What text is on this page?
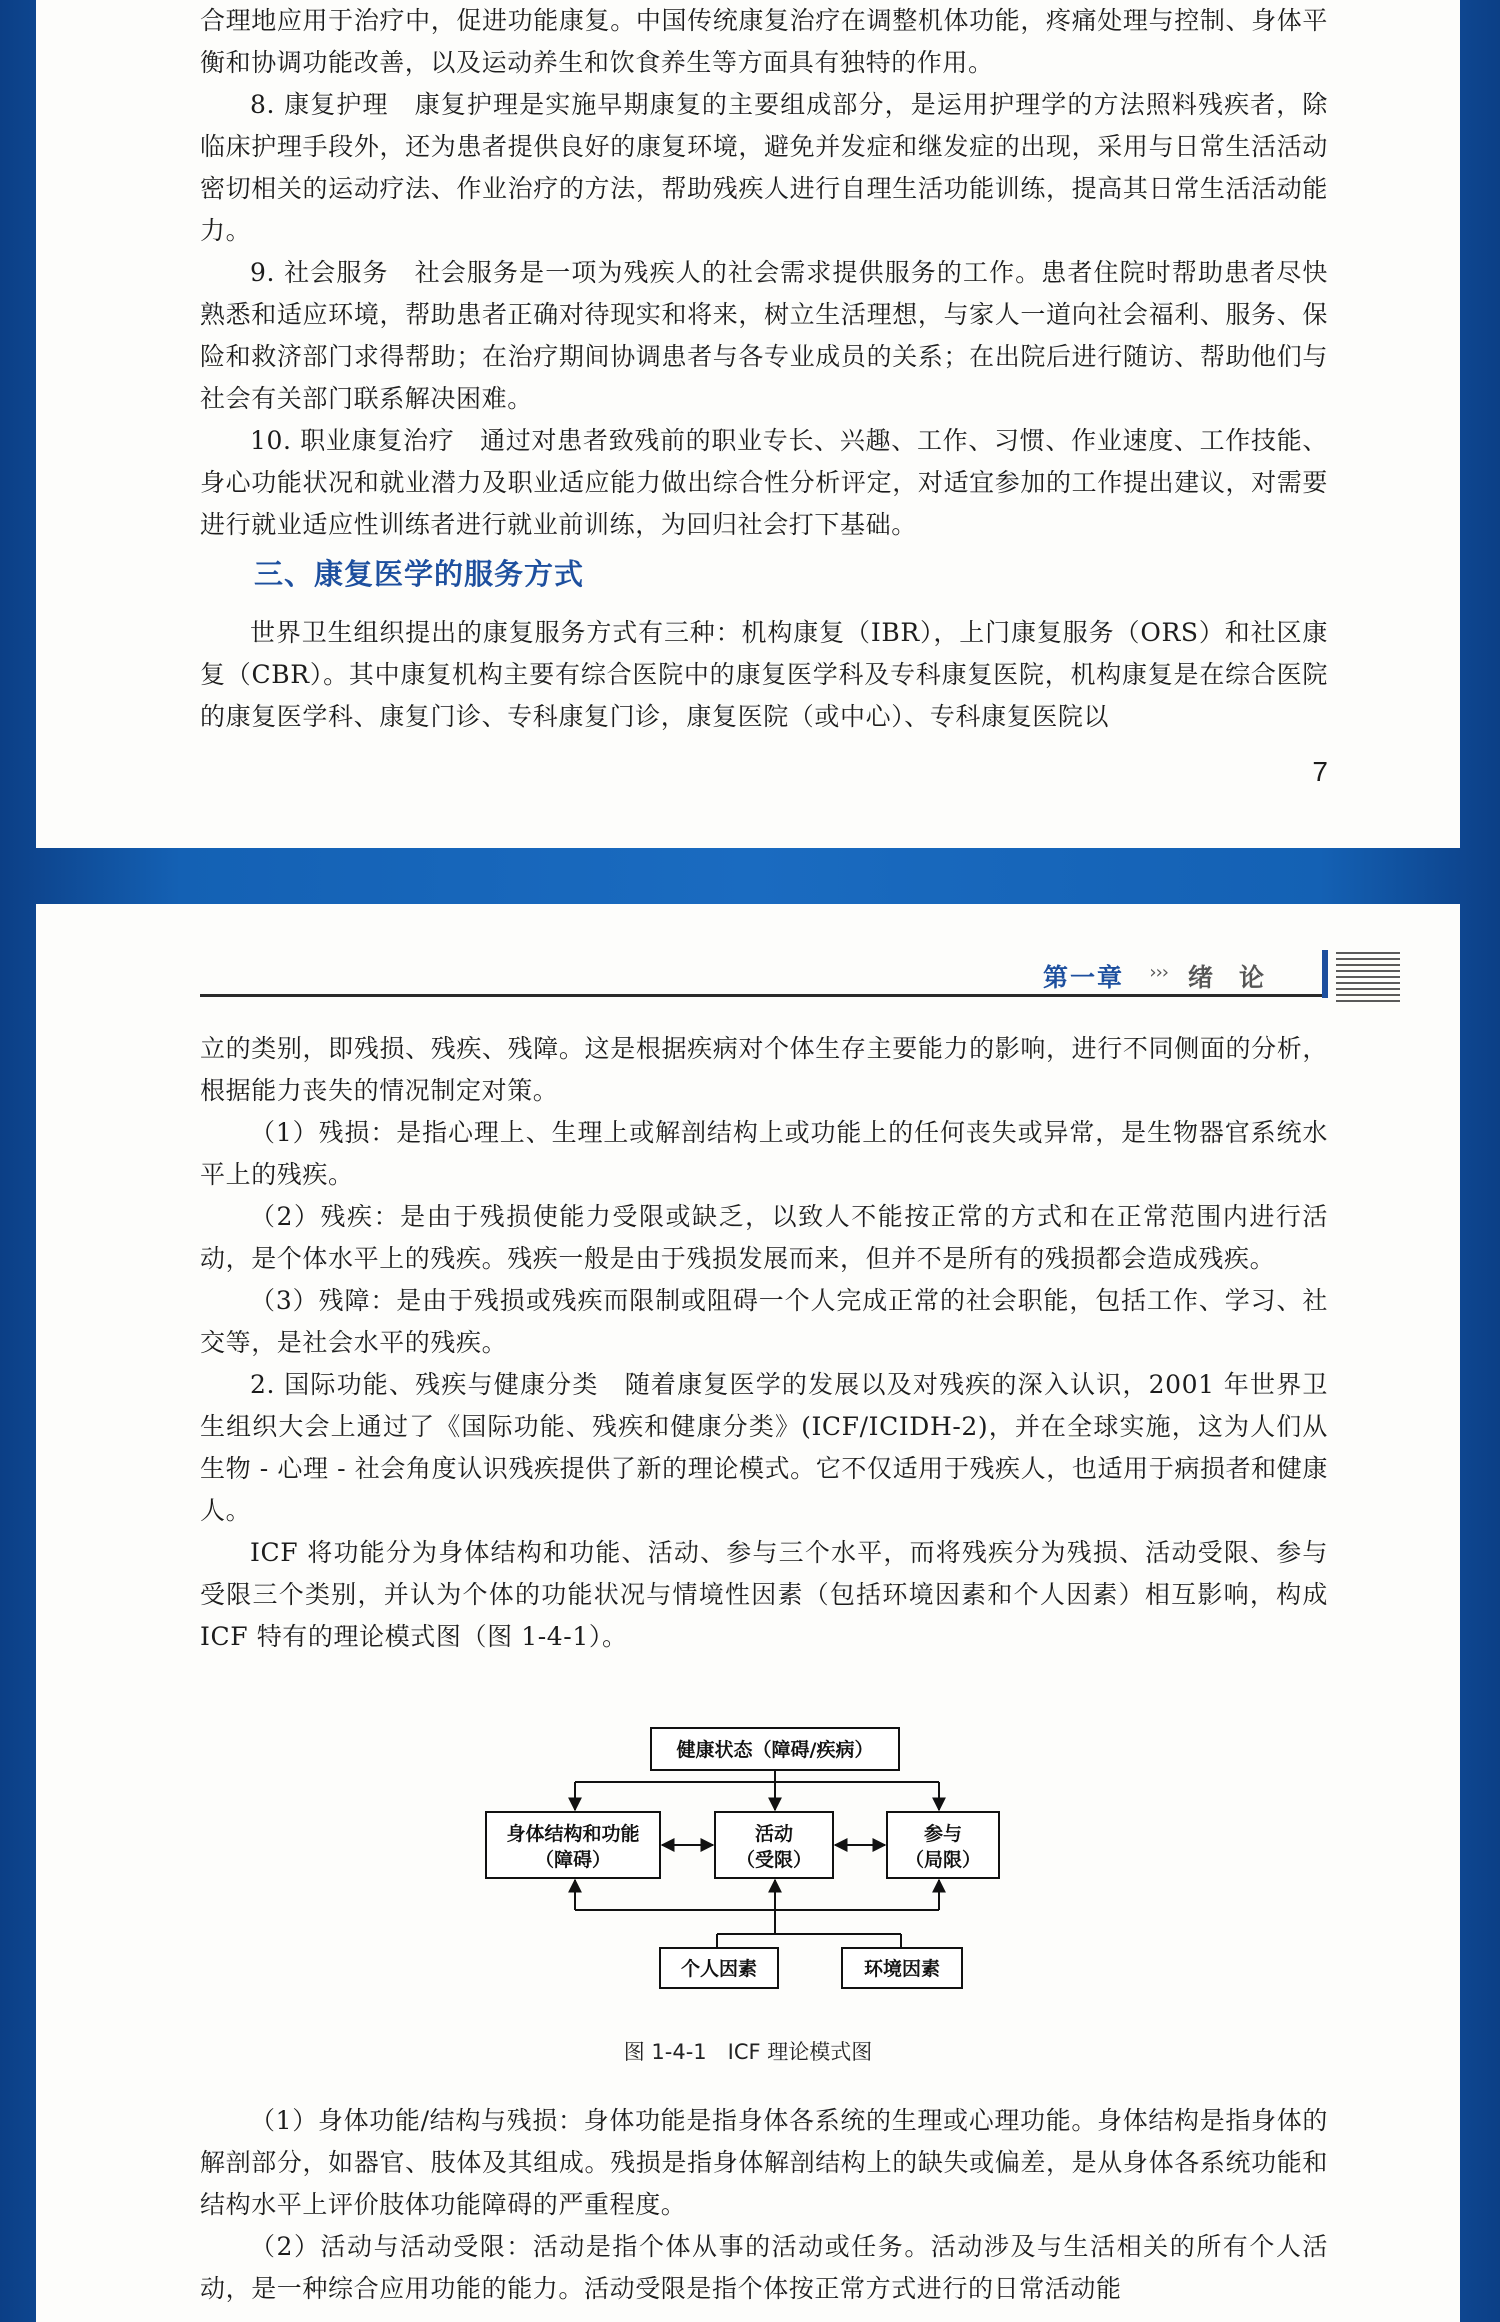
合理地应用于治疗中，促进功能康复。中国传统康复治疗在调整机体功能，疼痛处理与控制、身体平衡和协调功能改善，以及运动养生和饮食养生等方面具有独特的作用。

8. 康复护理　康复护理是实施早期康复的主要组成部分，是运用护理学的方法照料残疾者，除临床护理手段外，还为患者提供良好的康复环境，避免并发症和继发症的出现，采用与日常生活活动密切相关的运动疗法、作业治疗的方法，帮助残疾人进行自理生活功能训练，提高其日常生活活动能力。

9. 社会服务　社会服务是一项为残疾人的社会需求提供服务的工作。患者住院时帮助患者尽快熟悉和适应环境，帮助患者正确对待现实和将来，树立生活理想，与家人一道向社会福利、服务、保险和救济部门求得帮助；在治疗期间协调患者与各专业成员的关系；在出院后进行随访、帮助他们与社会有关部门联系解决困难。

10. 职业康复治疗　通过对患者致残前的职业专长、兴趣、工作、习惯、作业速度、工作技能、身心功能状况和就业潜力及职业适应能力做出综合性分析评定，对适宜参加的工作提出建议，对需要进行就业适应性训练者进行就业前训练，为回归社会打下基础。

三、康复医学的服务方式

世界卫生组织提出的康复服务方式有三种：机构康复（IBR），上门康复服务（ORS）和社区康复（CBR）。其中康复机构主要有综合医院中的康复医学科及专科康复医院，机构康复是在综合医院的康复医学科、康复门诊、专科康复门诊，康复医院（或中心）、专科康复医院以

7
第一章 ››› 绪论

立的类别，即残损、残疾、残障。这是根据疾病对个体生存主要能力的影响，进行不同侧面的分析，根据能力丧失的情况制定对策。

（1）残损：是指心理上、生理上或解剖结构上或功能上的任何丧失或异常，是生物器官系统水平上的残疾。

（2）残疾：是由于残损使能力受限或缺乏，以致人不能按正常的方式和在正常范围内进行活动，是个体水平上的残疾。残疾一般是由于残损发展而来，但并不是所有的残损都会造成残疾。

（3）残障：是由于残损或残疾而限制或阻碍一个人完成正常的社会职能，包括工作、学习、社交等，是社会水平的残疾。

2. 国际功能、残疾与健康分类　随着康复医学的发展以及对残疾的深入认识，2001 年世界卫生组织大会上通过了《国际功能、残疾和健康分类》(ICF/ICIDH-2)，并在全球实施，这为人们从生物 - 心理 - 社会角度认识残疾提供了新的理论模式。它不仅适用于残疾人，也适用于病损者和健康人。

ICF 将功能分为身体结构和功能、活动、参与三个水平，而将残疾分为残损、活动受限、参与受限三个类别，并认为个体的功能状况与情境性因素（包括环境因素和个人因素）相互影响，构成 ICF 特有的理论模式图（图 1-4-1）。

健康状态（障碍/疾病）
身体结构和功能
（障碍）
活动
（受限）
参与
（局限）
个人因素	环境因素

图 1-4-1　ICF 理论模式图

（1）身体功能/结构与残损：身体功能是指身体各系统的生理或心理功能。身体结构是指身体的解剖部分，如器官、肢体及其组成。残损是指身体解剖结构上的缺失或偏差，是从身体各系统功能和结构水平上评价肢体功能障碍的严重程度。

（2）活动与活动受限：活动是指个体从事的活动或任务。活动涉及与生活相关的所有个人活动，是一种综合应用功能的能力。活动受限是指个体按正常方式进行的日常活动能
